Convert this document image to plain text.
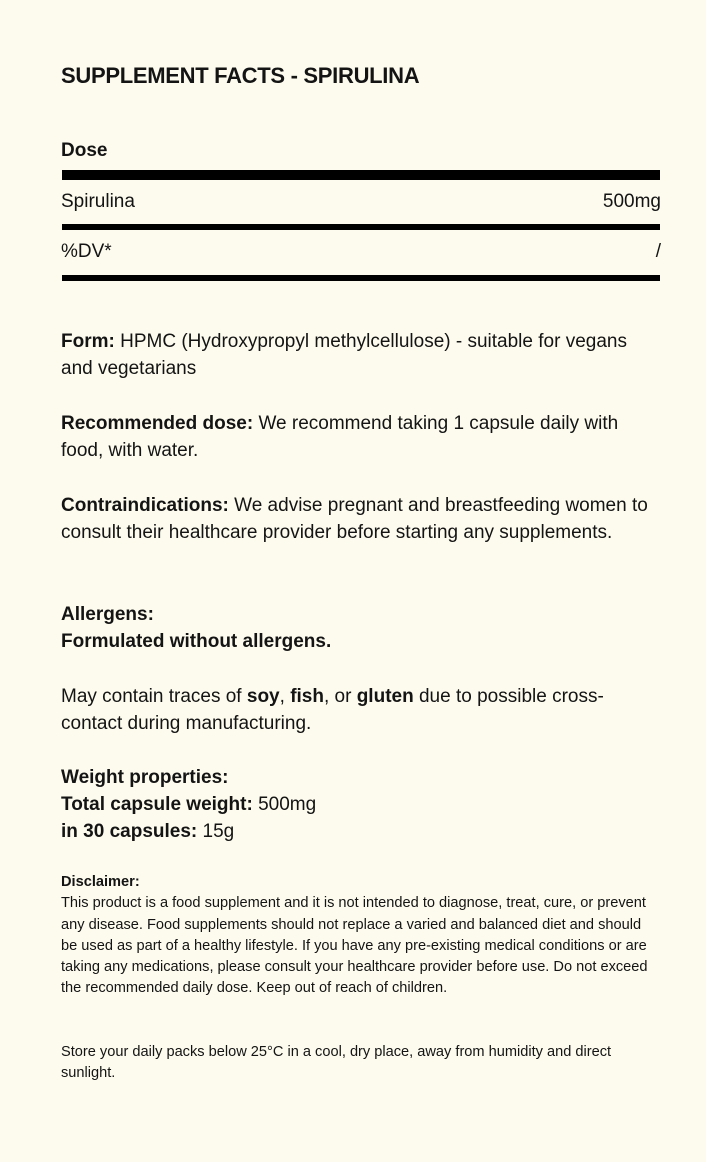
SUPPLEMENT FACTS - SPIRULINA
Dose
Spirulina	500mg
%DV*	/

Form: HPMC (Hydroxypropyl methylcellulose) - suitable for vegans and vegetarians

Recommended dose: We recommend taking 1 capsule daily with food, with water.

Contraindications: We advise pregnant and breastfeeding women to consult their healthcare provider before starting any supplements.

Allergens:
Formulated without allergens.

May contain traces of soy, fish, or gluten due to possible cross-contact during manufacturing.

Weight properties:
Total capsule weight: 500mg
in 30 capsules: 15g

Disclaimer:
This product is a food supplement and it is not intended to diagnose, treat, cure, or prevent any disease. Food supplements should not replace a varied and balanced diet and should be used as part of a healthy lifestyle. If you have any pre-existing medical conditions or are taking any medications, please consult your healthcare provider before use. Do not exceed the recommended daily dose. Keep out of reach of children.

Store your daily packs below 25°C in a cool, dry place, away from humidity and direct sunlight.
